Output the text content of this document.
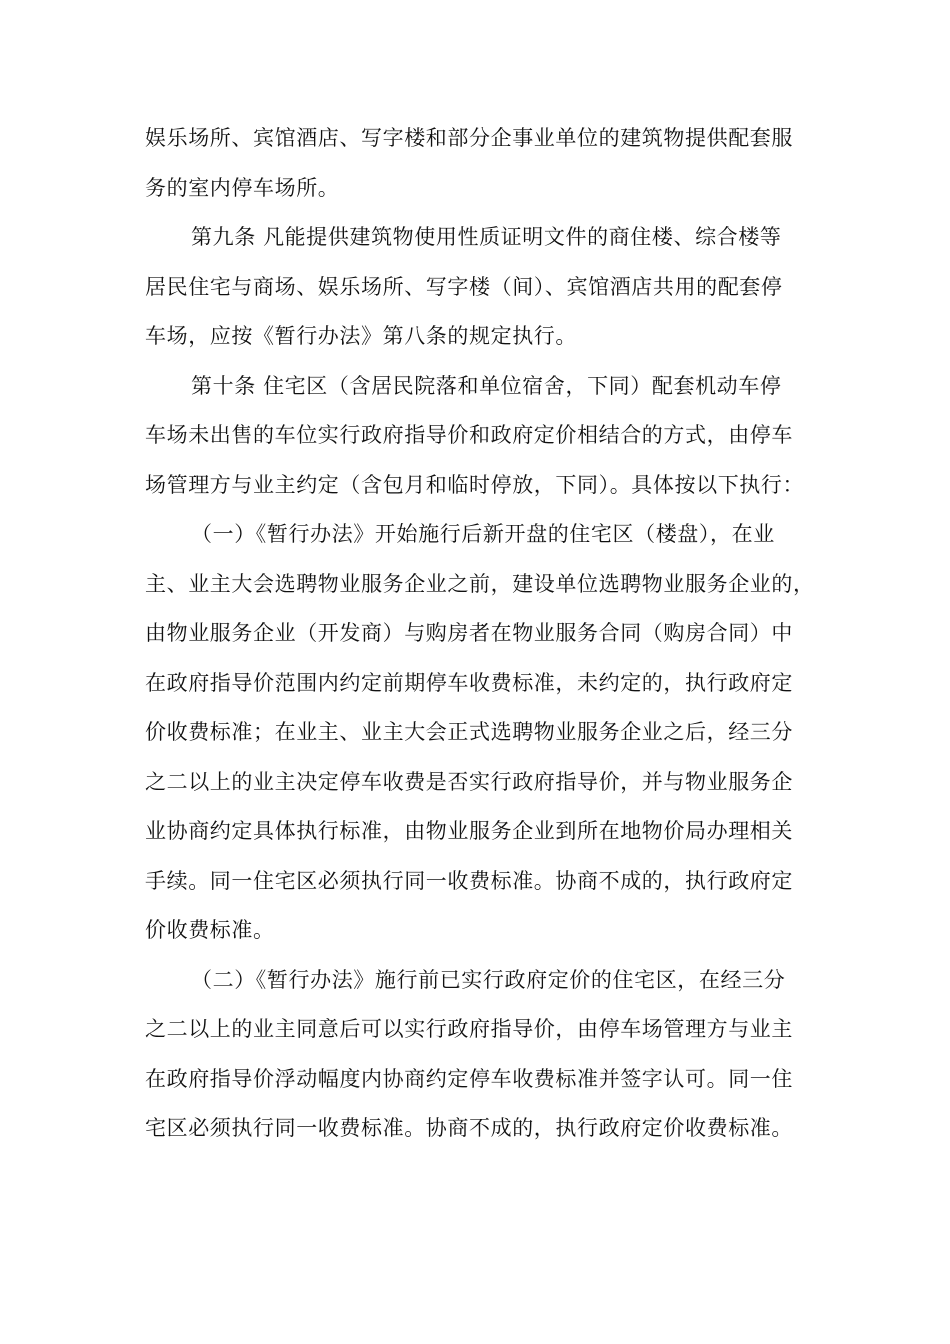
娱乐场所、宾馆酒店、写字楼和部分企事业单位的建筑物提供配套服
务的室内停车场所。

第九条 凡能提供建筑物使用性质证明文件的商住楼、综合楼等
居民住宅与商场、娱乐场所、写字楼（间）、宾馆酒店共用的配套停
车场，应按《暂行办法》第八条的规定执行。

第十条 住宅区（含居民院落和单位宿舍，下同）配套机动车停
车场未出售的车位实行政府指导价和政府定价相结合的方式，由停车
场管理方与业主约定（含包月和临时停放，下同）。具体按以下执行：

（一）《暂行办法》开始施行后新开盘的住宅区（楼盘），在业
主、业主大会选聘物业服务企业之前，建设单位选聘物业服务企业的，
由物业服务企业（开发商）与购房者在物业服务合同（购房合同）中
在政府指导价范围内约定前期停车收费标准，未约定的，执行政府定
价收费标准；在业主、业主大会正式选聘物业服务企业之后，经三分
之二以上的业主决定停车收费是否实行政府指导价，并与物业服务企
业协商约定具体执行标准，由物业服务企业到所在地物价局办理相关
手续。同一住宅区必须执行同一收费标准。协商不成的，执行政府定
价收费标准。

（二）《暂行办法》施行前已实行政府定价的住宅区，在经三分
之二以上的业主同意后可以实行政府指导价，由停车场管理方与业主
在政府指导价浮动幅度内协商约定停车收费标准并签字认可。同一住
宅区必须执行同一收费标准。协商不成的，执行政府定价收费标准。
